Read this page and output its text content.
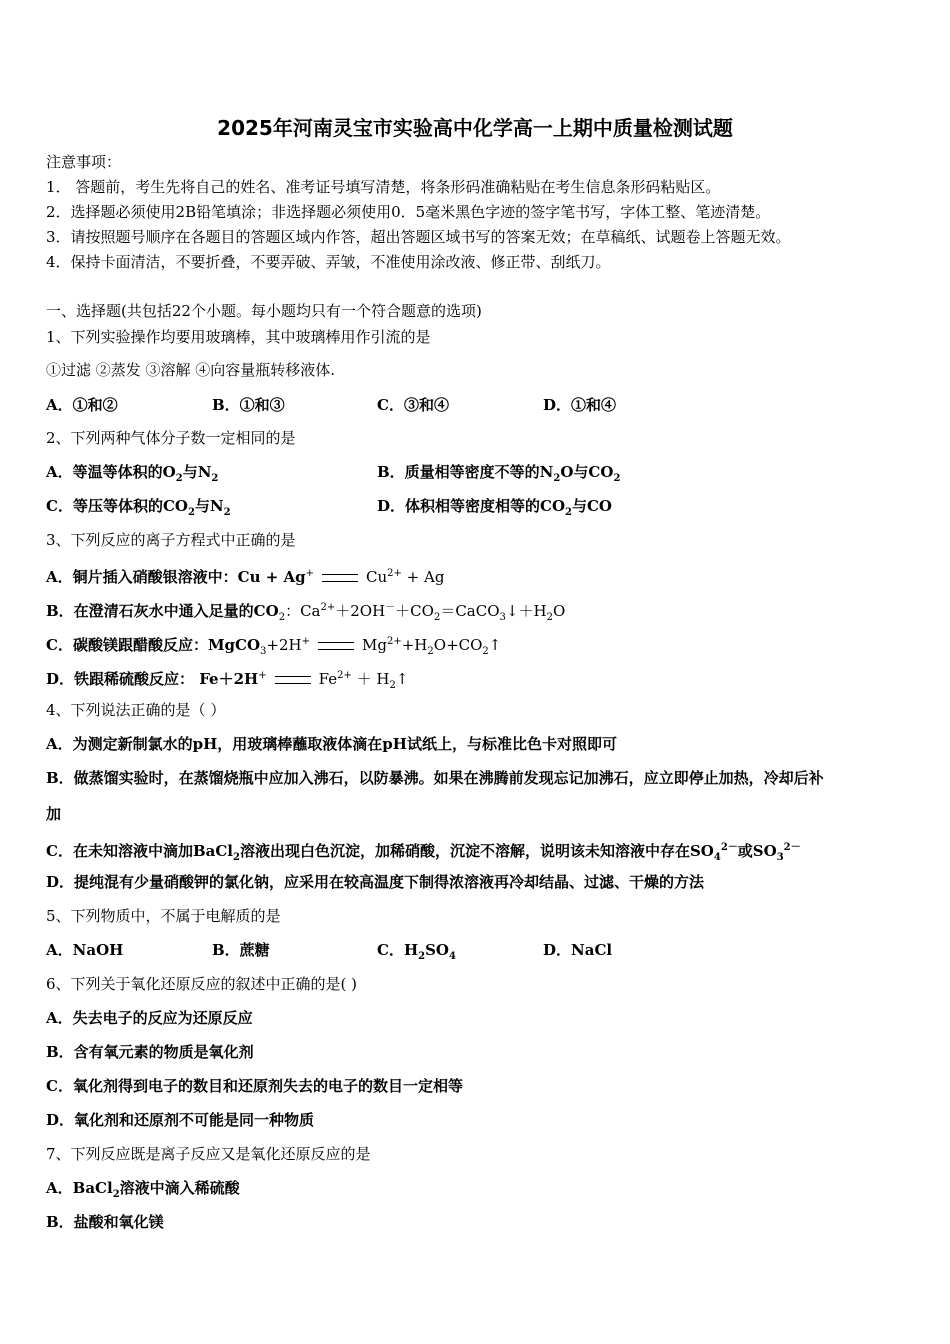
2025年河南灵宝市实验高中化学高一上期中质量检测试题
注意事项：
1． 答题前，考生先将自己的姓名、准考证号填写清楚，将条形码准确粘贴在考生信息条形码粘贴区。
2．选择题必须使用2B铅笔填涂；非选择题必须使用0．5毫米黑色字迹的签字笔书写，字体工整、笔迹清楚。
3．请按照题号顺序在各题目的答题区域内作答，超出答题区域书写的答案无效；在草稿纸、试题卷上答题无效。
4．保持卡面清洁，不要折叠，不要弄破、弄皱，不准使用涂改液、修正带、刮纸刀。
一、选择题(共包括22个小题。每小题均只有一个符合题意的选项)
1、下列实验操作均要用玻璃棒，其中玻璃棒用作引流的是
①过滤 ②蒸发 ③溶解 ④向容量瓶转移液体.
A．①和②	B．①和③	C．③和④	D．①和④
2、下列两种气体分子数一定相同的是
A．等温等体积的$O_2$与$N_2$	B．质量相等密度不等的$N_2O$与$CO_2$
C．等压等体积的$CO_2$与$N_2$	D．体积相等密度相等的$CO_2$与CO
3、下列反应的离子方程式中正确的是
A．铜片插入硝酸银溶液中：Cu + Ag+	$Cu^{2+} + Ag$
B．在澄清石灰水中通入足量的$CO_2$：$Ca^{2+}+2OH^-+CO_2=CaCO_3↓+H_2O$
C．碳酸镁跟醋酸反应：MgCO$_3$+2H+	$Mg^{2+}+H_2O+CO_2↑$
D．铁跟稀硫酸反应： Fe＋2H+	$Fe^{2+}$ ＋ $H_2↑$
4、下列说法正确的是（ ）
A．为测定新制氯水的pH，用玻璃棒蘸取液体滴在pH试纸上，与标准比色卡对照即可
B．做蒸馏实验时，在蒸馏烧瓶中应加入沸石，以防暴沸。如果在沸腾前发现忘记加沸石，应立即停止加热，冷却后补
加
C．在未知溶液中滴加BaCl$_2$溶液出现白色沉淀，加稀硝酸，沉淀不溶解，说明该未知溶液中存在$SO_4^{2-}$或$SO_3^{2-}$
D．提纯混有少量硝酸钾的氯化钠，应采用在较高温度下制得浓溶液再冷却结晶、过滤、干燥的方法
5、下列物质中，不属于电解质的是
A．NaOH	B．蔗糖	C．$H_2SO_4$	D．NaCl
6、下列关于氧化还原反应的叙述中正确的是( )
A．失去电子的反应为还原反应
B．含有氧元素的物质是氧化剂
C．氧化剂得到电子的数目和还原剂失去的电子的数目一定相等
D．氧化剂和还原剂不可能是同一种物质
7、下列反应既是离子反应又是氧化还原反应的是
A．BaCl$_2$溶液中滴入稀硫酸
B．盐酸和氧化镁
